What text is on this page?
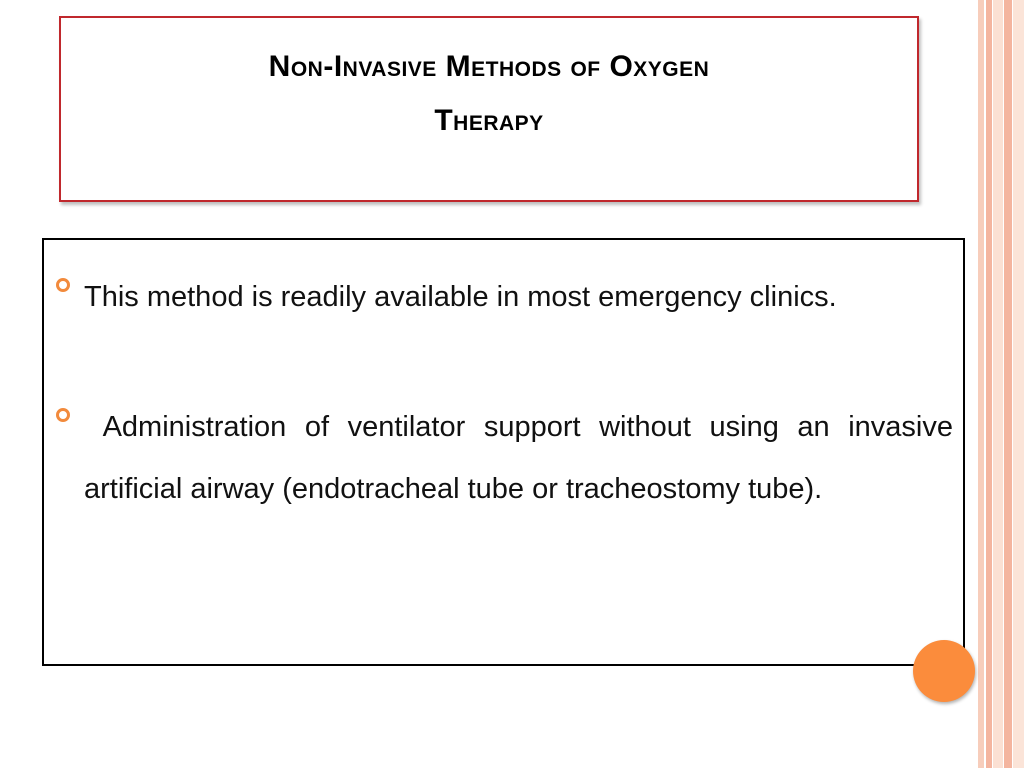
Non-Invasive Methods of Oxygen
Therapy
This method is readily available in most emergency clinics.
Administration of ventilator support without using an invasive artificial airway (endotracheal tube or tracheostomy tube).
